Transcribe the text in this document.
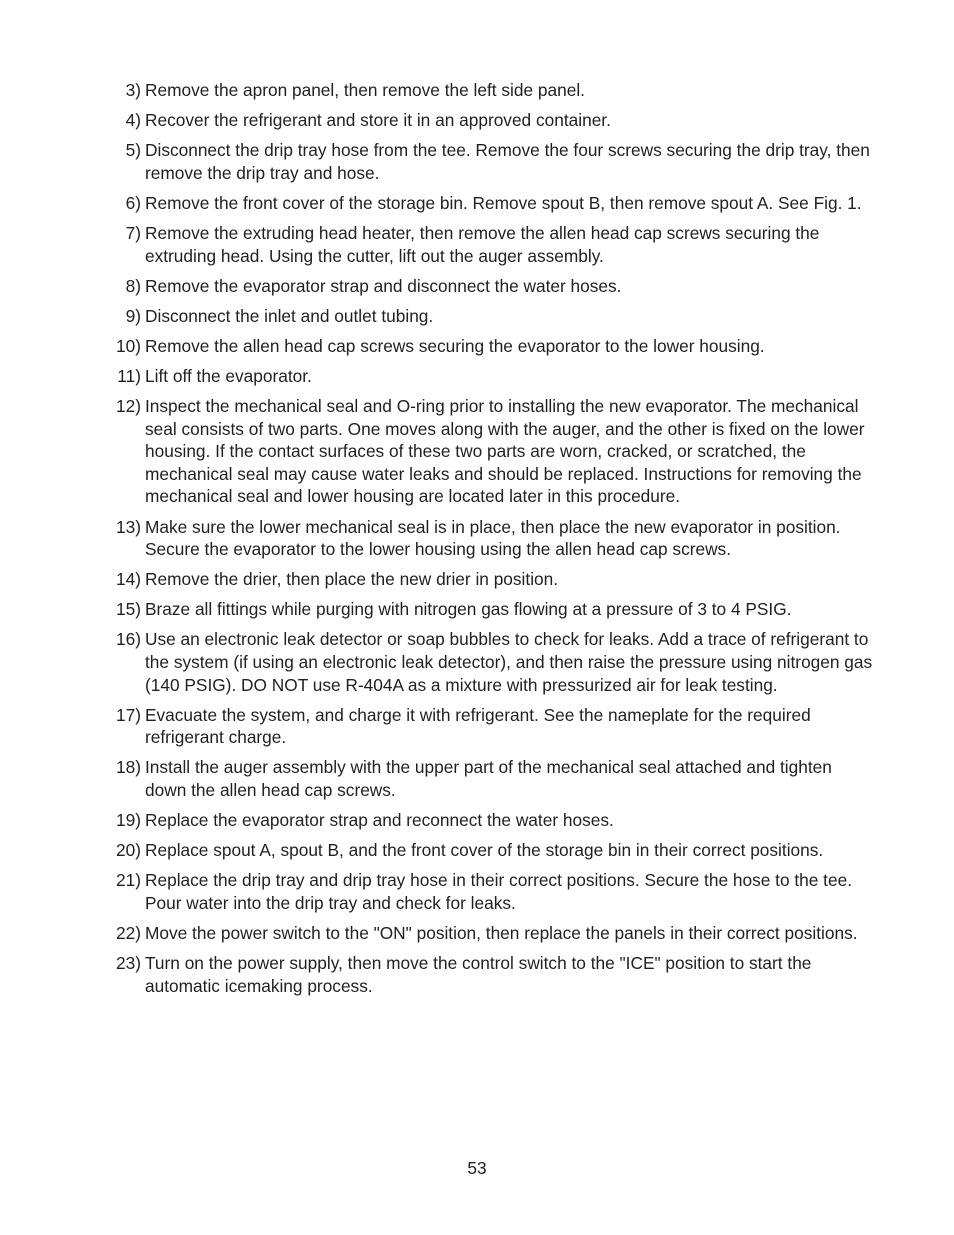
3) Remove the apron panel, then remove the left side panel.
4) Recover the refrigerant and store it in an approved container.
5) Disconnect the drip tray hose from the tee. Remove the four screws securing the drip tray, then remove the drip tray and hose.
6) Remove the front cover of the storage bin. Remove spout B, then remove spout A. See Fig. 1.
7) Remove the extruding head heater, then remove the allen head cap screws securing the extruding head. Using the cutter, lift out the auger assembly.
8) Remove the evaporator strap and disconnect the water hoses.
9) Disconnect the inlet and outlet tubing.
10) Remove the allen head cap screws securing the evaporator to the lower housing.
11) Lift off the evaporator.
12) Inspect the mechanical seal and O-ring prior to installing the new evaporator. The mechanical seal consists of two parts. One moves along with the auger, and the other is fixed on the lower housing. If the contact surfaces of these two parts are worn, cracked, or scratched, the mechanical seal may cause water leaks and should be replaced. Instructions for removing the mechanical seal and lower housing are located later in this procedure.
13) Make sure the lower mechanical seal is in place, then place the new evaporator in position. Secure the evaporator to the lower housing using the allen head cap screws.
14) Remove the drier, then place the new drier in position.
15) Braze all fittings while purging with nitrogen gas flowing at a pressure of 3 to 4 PSIG.
16) Use an electronic leak detector or soap bubbles to check for leaks. Add a trace of refrigerant to the system (if using an electronic leak detector), and then raise the pressure using nitrogen gas (140 PSIG). DO NOT use R-404A as a mixture with pressurized air for leak testing.
17) Evacuate the system, and charge it with refrigerant. See the nameplate for the required refrigerant charge.
18) Install the auger assembly with the upper part of the mechanical seal attached and tighten down the allen head cap screws.
19) Replace the evaporator strap and reconnect the water hoses.
20) Replace spout A, spout B, and the front cover of the storage bin in their correct positions.
21) Replace the drip tray and drip tray hose in their correct positions. Secure the hose to the tee. Pour water into the drip tray and check for leaks.
22) Move the power switch to the "ON" position, then replace the panels in their correct positions.
23) Turn on the power supply, then move the control switch to the "ICE" position to start the automatic icemaking process.
53
